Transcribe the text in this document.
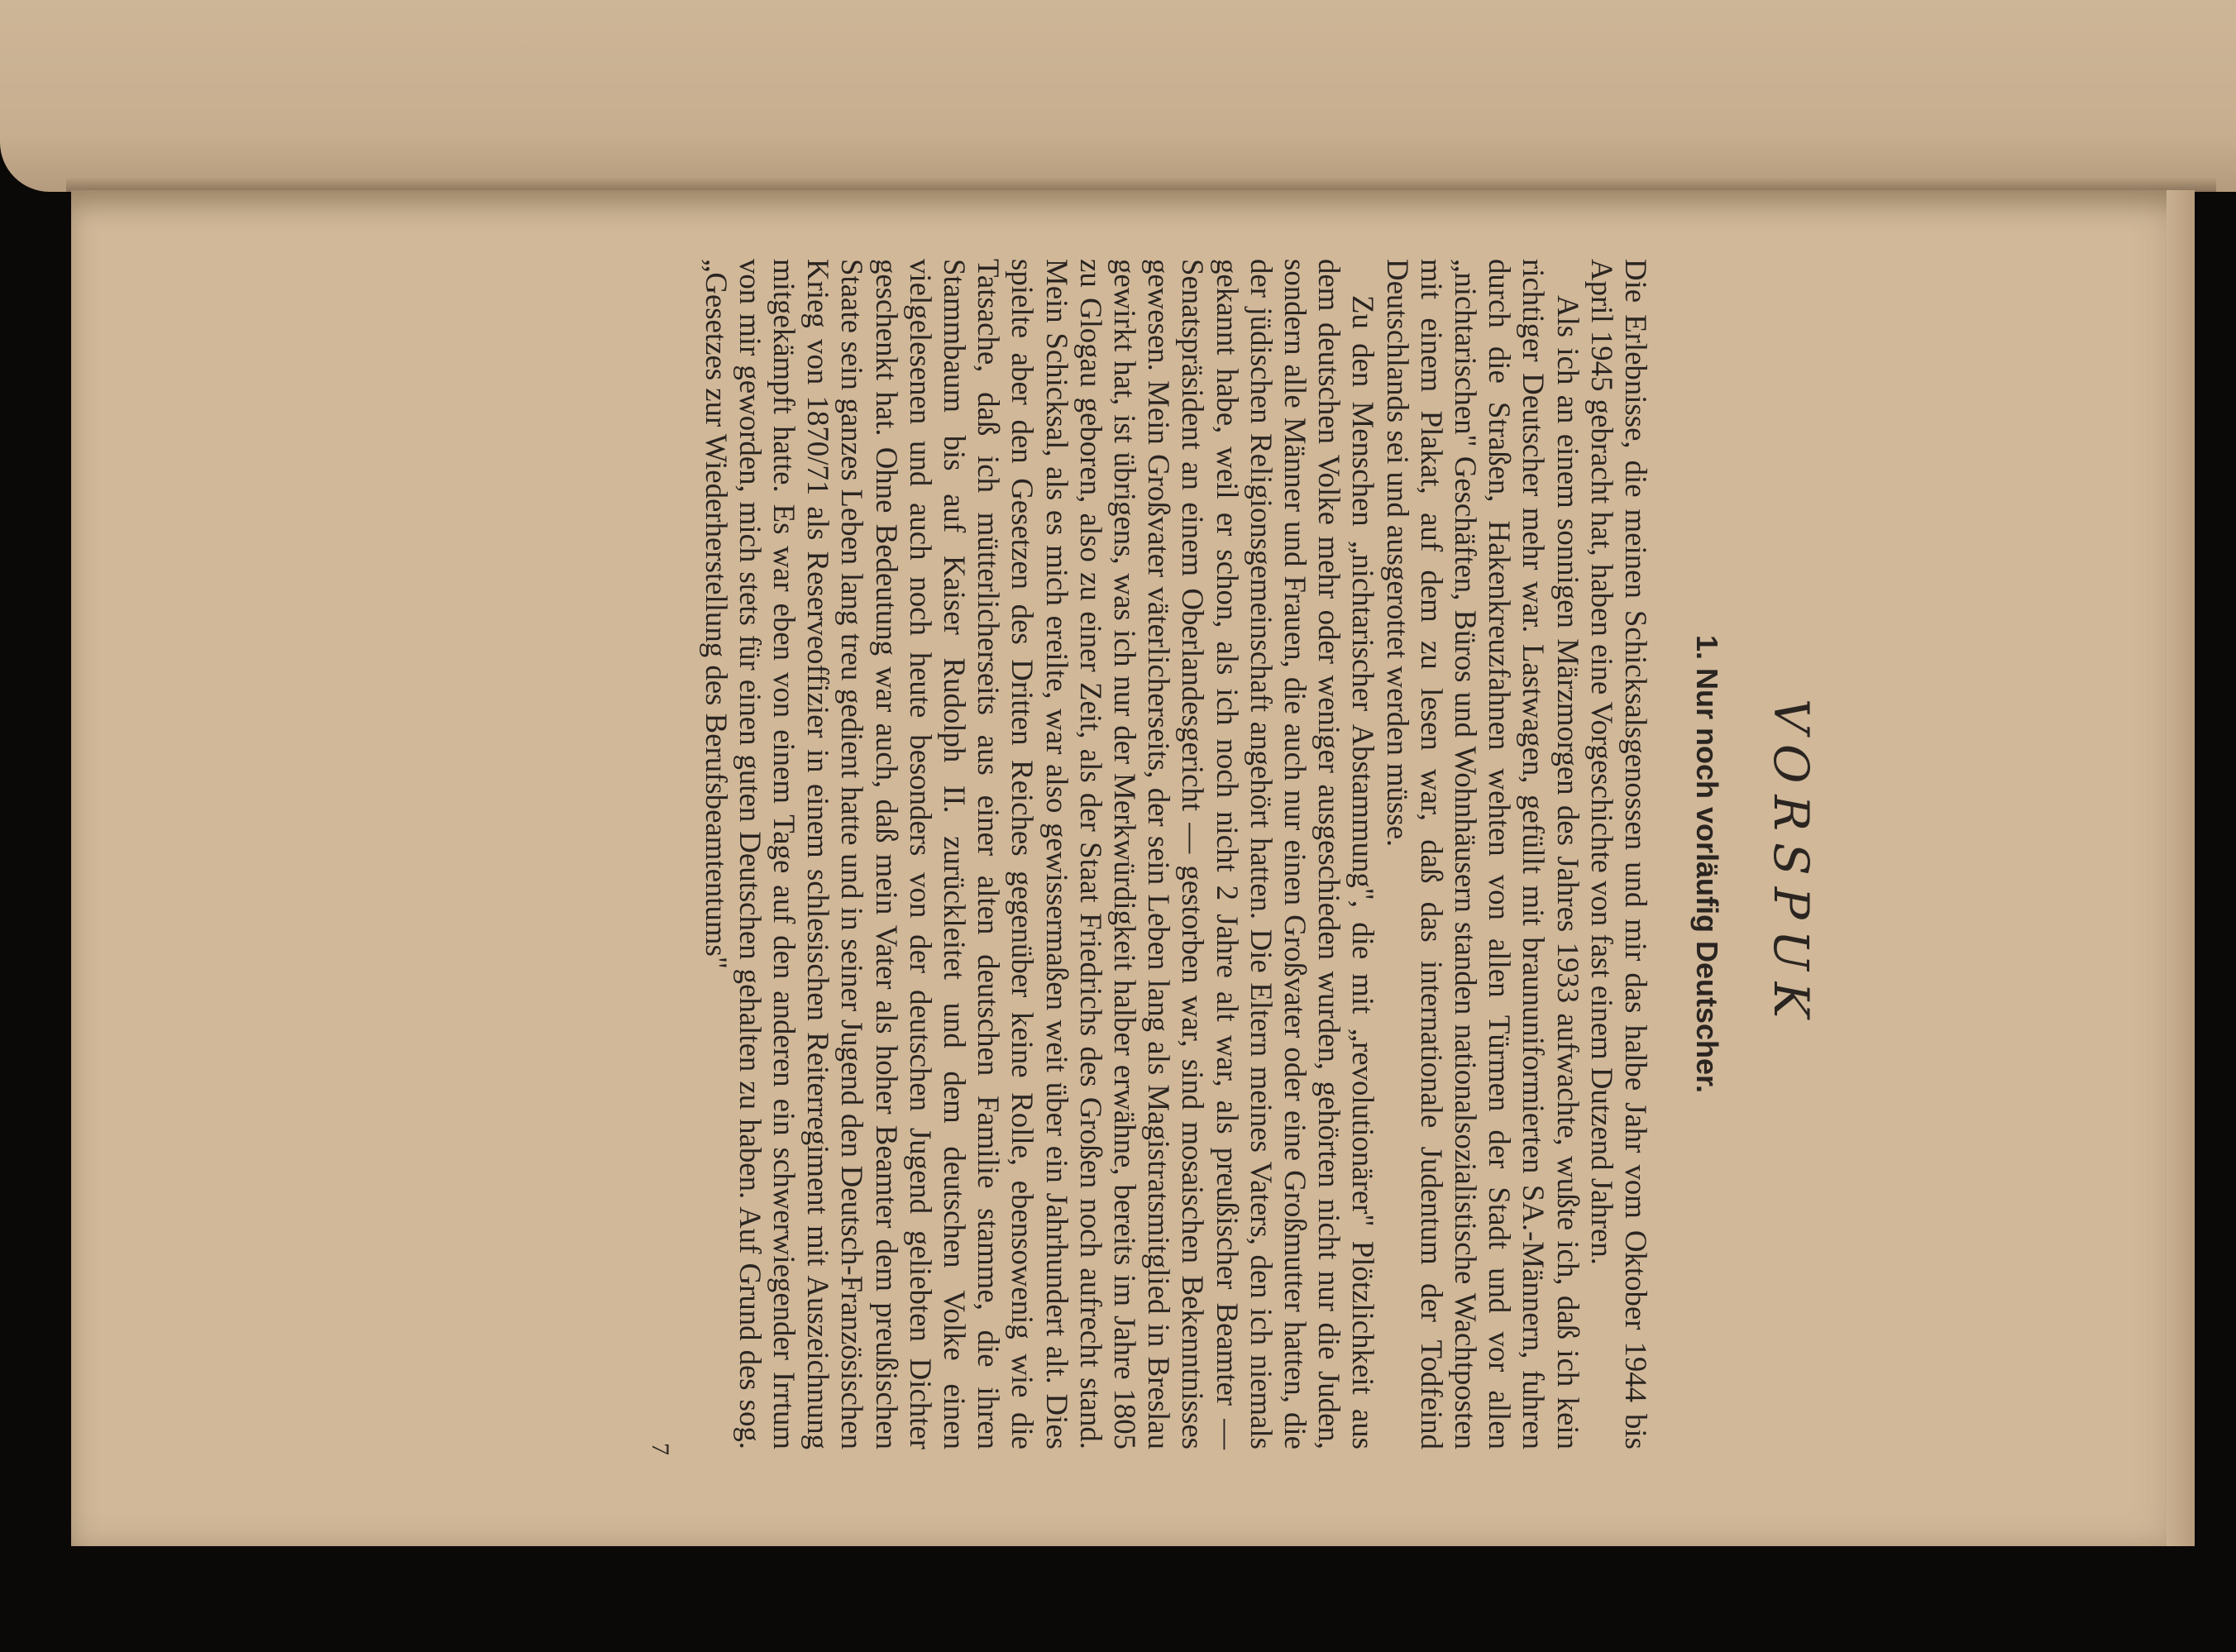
VORSPUK
1. Nur noch vorläufig Deutscher.

Die Erlebnisse, die meinen Schicksalsgenossen und mir das halbe Jahr vom Oktober 1944 bis April 1945 gebracht hat, haben eine Vorgeschichte von fast einem Dutzend Jahren.

Als ich an einem sonnigen Märzmorgen des Jahres 1933 aufwachte, wußte ich, daß ich kein richtiger Deutscher mehr war. Lastwagen, gefüllt mit braununiformierten SA.-Männern, fuhren durch die Straßen, Hakenkreuzfahnen wehten von allen Türmen der Stadt und vor allen „nichtarischen" Geschäften, Büros und Wohnhäusern standen nationalsozialistische Wachtposten mit einem Plakat, auf dem zu lesen war, daß das internationale Judentum der Todfeind Deutschlands sei und ausgerottet werden müsse.

Zu den Menschen „nichtarischer Abstammung", die mit „revolutionärer" Plötzlichkeit aus dem deutschen Volke mehr oder weniger ausgeschieden wurden, gehörten nicht nur die Juden, sondern alle Männer und Frauen, die auch nur einen Großvater oder eine Großmutter hatten, die der jüdischen Religionsgemeinschaft angehört hatten. Die Eltern meines Vaters, den ich niemals gekannt habe, weil er schon, als ich noch nicht 2 Jahre alt war, als preußischer Beamter — Senatspräsident an einem Oberlandesgericht — gestorben war, sind mosaischen Bekenntnisses gewesen. Mein Großvater väterlicherseits, der sein Leben lang als Magistratsmitglied in Breslau gewirkt hat, ist übrigens, was ich nur der Merkwürdigkeit halber erwähne, bereits im Jahre 1805 zu Glogau geboren, also zu einer Zeit, als der Staat Friedrichs des Großen noch aufrecht stand. Mein Schicksal, als es mich ereilte, war also gewissermaßen weit über ein Jahrhundert alt. Dies spielte aber den Gesetzen des Dritten Reiches gegenüber keine Rolle, ebensowenig wie die Tatsache, daß ich mütterlicherseits aus einer alten deutschen Familie stamme, die ihren Stammbaum bis auf Kaiser Rudolph II. zurückleitet und dem deutschen Volke einen vielgelesenen und auch noch heute besonders von der deutschen Jugend geliebten Dichter geschenkt hat. Ohne Bedeutung war auch, daß mein Vater als hoher Beamter dem preußischen Staate sein ganzes Leben lang treu gedient hatte und in seiner Jugend den Deutsch-Französischen Krieg von 1870/71 als Reserveoffizier in einem schlesischen Reiterregiment mit Auszeichnung mitgekämpft hatte. Es war eben von einem Tage auf den anderen ein schwerwiegender Irrtum von mir geworden, mich stets für einen guten Deutschen gehalten zu haben. Auf Grund des sog. „Gesetzes zur Wiederherstellung des Berufsbeamtentums"

7
